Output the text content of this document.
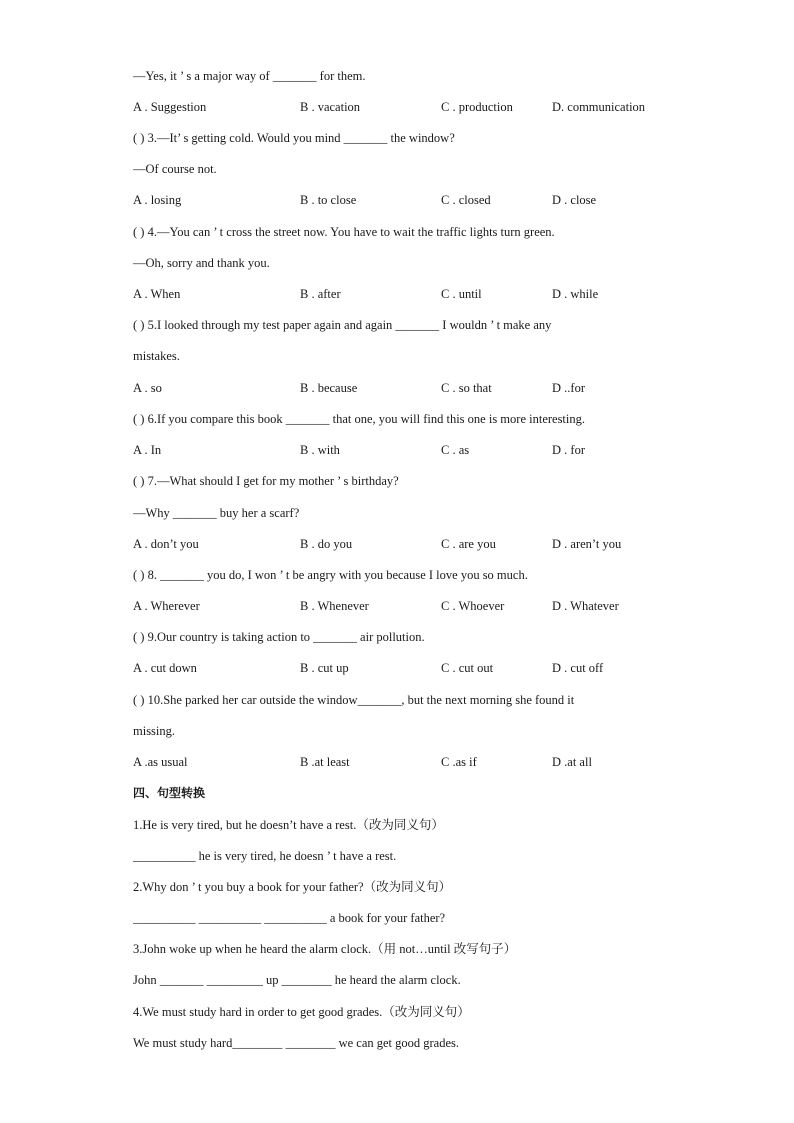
—Yes, it ’ s a major way of _______ for them.
A . Suggestion	B . vacation	C . production	D. communication
( ) 3.—It’ s getting cold. Would you mind _______ the window?
—Of course not.
A . losing	B . to close	C . closed	D . close
( ) 4.—You can ’ t cross the street now. You have to wait the traffic lights turn green.
—Oh, sorry and thank you.
A . When	B . after	C . until	D . while
( ) 5.I looked through my test paper again and again _______ I wouldn ’ t make any
mistakes.
A . so	B . because	C . so that	D ..for
( ) 6.If you compare this book _______ that one, you will find this one is more interesting.
A . In	B . with	C . as	D . for
( ) 7.—What should I get for my mother ’ s birthday?
—Why _______ buy her a scarf?
A . don’t you	B . do you	C . are you	D . aren’t you
( ) 8. _______ you do, I won ’ t be angry with you because I love you so much.
A . Wherever	B . Whenever	C . Whoever	D . Whatever
( ) 9.Our country is taking action to _______ air pollution.
A . cut down	B . cut up	C . cut out	D . cut off
( ) 10.She parked her car outside the window_______, but the next morning she found it
missing.
A .as usual	B .at least	C .as if	D .at all
四、句型转换
1.He is very tired, but he doesn’t have a rest.（改为同义句）
__________ he is very tired, he doesn ’ t have a rest.
2.Why don ’ t you buy a book for your father?（改为同义句）
__________ __________ __________ a book for your father?
3.John woke up when he heard the alarm clock.（用 not…until 改写句子）
John _______ _________ up ________ he heard the alarm clock.
4.We must study hard in order to get good grades.（改为同义句）
We must study hard________ ________ we can get good grades.
